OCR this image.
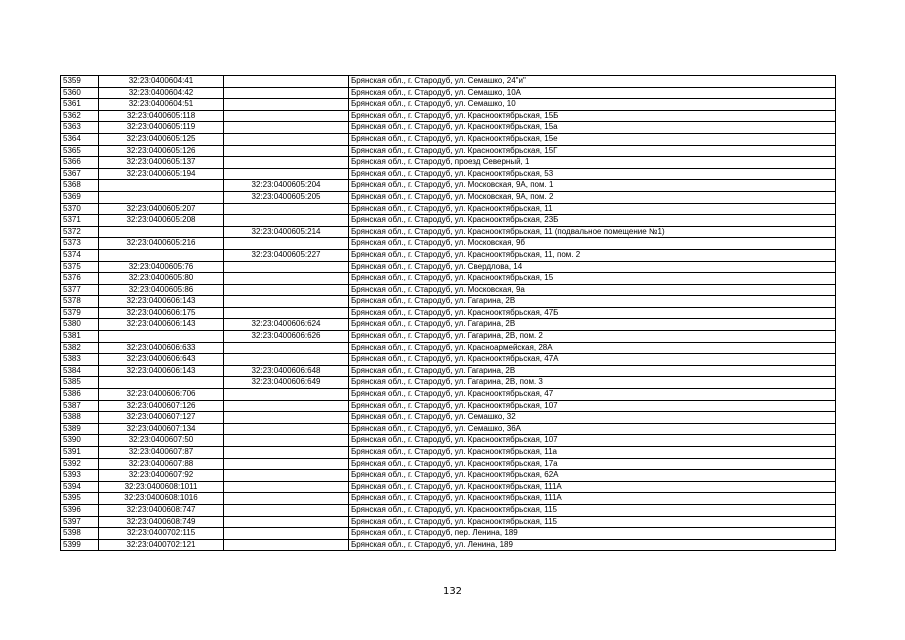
5359	32:23:0400604:41		Брянская обл., г. Стародуб, ул. Семашко, 24"и"
5360	32:23:0400604:42		Брянская обл., г. Стародуб, ул. Семашко, 10А
5361	32:23:0400604:51		Брянская обл., г. Стародуб, ул. Семашко, 10
5362	32:23:0400605:118		Брянская обл., г. Стародуб, ул. Краснооктябрьская, 15Б
5363	32:23:0400605:119		Брянская обл., г. Стародуб, ул. Краснооктябрьская, 15а
5364	32:23:0400605:125		Брянская обл., г. Стародуб, ул. Краснооктябрьская, 15е
5365	32:23:0400605:126		Брянская обл., г. Стародуб, ул. Краснооктябрьская, 15Г
5366	32:23:0400605:137		Брянская обл., г. Стародуб, проезд Северный, 1
5367	32:23:0400605:194		Брянская обл., г. Стародуб, ул. Краснооктябрьская, 53
5368		32:23:0400605:204	Брянская обл., г. Стародуб, ул. Московская, 9А, пом. 1
5369		32:23:0400605:205	Брянская обл., г. Стародуб, ул. Московская, 9А, пом. 2
5370	32:23:0400605:207		Брянская обл., г. Стародуб, ул. Краснооктябрьская, 11
5371	32:23:0400605:208		Брянская обл., г. Стародуб, ул. Краснооктябрьская, 23Б
5372		32:23:0400605:214	Брянская обл., г. Стародуб, ул. Краснооктябрьская, 11 (подвальное помещение №1)
5373	32:23:0400605:216		Брянская обл., г. Стародуб, ул. Московская, 9б
5374		32:23:0400605:227	Брянская обл., г. Стародуб, ул. Краснооктябрьская, 11, пом. 2
5375	32:23:0400605:76		Брянская обл., г. Стародуб, ул. Свердлова, 14
5376	32:23:0400605:80		Брянская обл., г. Стародуб, ул. Краснооктябрьская, 15
5377	32:23:0400605:86		Брянская обл., г. Стародуб, ул. Московская, 9а
5378	32:23:0400606:143		Брянская обл., г. Стародуб, ул. Гагарина, 2В
5379	32:23:0400606:175		Брянская обл., г. Стародуб, ул. Краснооктябрьская, 47Б
5380	32:23:0400606:143	32:23:0400606:624	Брянская обл., г. Стародуб, ул. Гагарина, 2В
5381		32:23:0400606:626	Брянская обл., г. Стародуб, ул. Гагарина, 2В, пом. 2
5382	32:23:0400606:633		Брянская обл., г. Стародуб, ул. Красноармейская, 28А
5383	32:23:0400606:643		Брянская обл., г. Стародуб, ул. Краснооктябрьская, 47А
5384	32:23:0400606:143	32:23:0400606:648	Брянская обл., г. Стародуб, ул. Гагарина, 2В
5385		32:23:0400606:649	Брянская обл., г. Стародуб, ул. Гагарина, 2В, пом. 3
5386	32:23:0400606:706		Брянская обл., г. Стародуб, ул. Краснооктябрьская, 47
5387	32:23:0400607:126		Брянская обл., г. Стародуб, ул. Краснооктябрьская, 107
5388	32:23:0400607:127		Брянская обл., г. Стародуб, ул. Семашко, 32
5389	32:23:0400607:134		Брянская обл., г. Стародуб, ул. Семашко, 36А
5390	32:23:0400607:50		Брянская обл., г. Стародуб, ул. Краснооктябрьская, 107
5391	32:23:0400607:87		Брянская обл., г. Стародуб, ул. Краснооктябрьская, 11а
5392	32:23:0400607:88		Брянская обл., г. Стародуб, ул. Краснооктябрьская, 17а
5393	32:23:0400607:92		Брянская обл., г. Стародуб, ул. Краснооктябрьская, 62А
5394	32:23:0400608:1011		Брянская обл., г. Стародуб, ул. Краснооктябрьская, 111А
5395	32:23:0400608:1016		Брянская обл., г. Стародуб, ул. Краснооктябрьская, 111А
5396	32:23:0400608:747		Брянская обл., г. Стародуб, ул. Краснооктябрьская, 115
5397	32:23:0400608:749		Брянская обл., г. Стародуб, ул. Краснооктябрьская, 115
5398	32:23:0400702:115		Брянская обл., г. Стародуб, пер. Ленина, 189
5399	32:23:0400702:121		Брянская обл., г. Стародуб, ул. Ленина, 189
132
